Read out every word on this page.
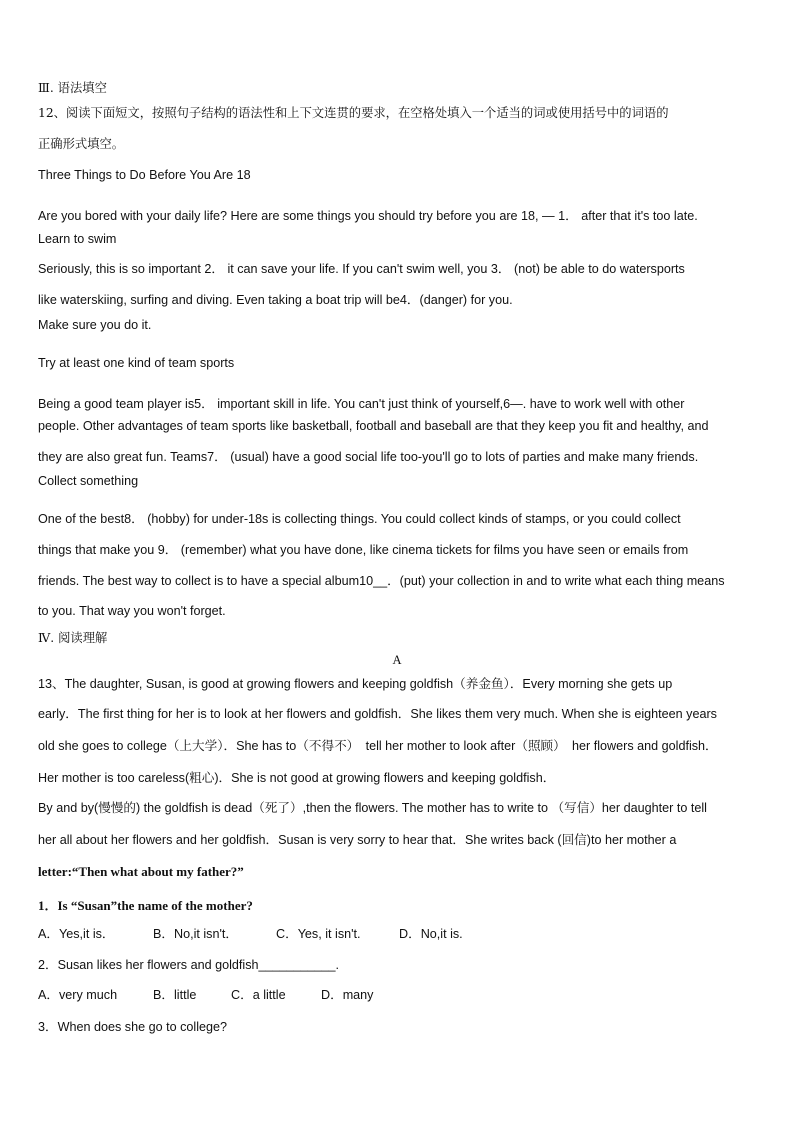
Ⅲ. 语法填空
12、阅读下面短文，按照句子结构的语法性和上下文连贯的要求，在空格处填入一个适当的词或使用括号中的词语的
正确形式填空。
Three Things to Do Before You Are 18
Are you bored with your daily life? Here are some things you should try before you are 18, — 1． after that it's too late.
Learn to swim
Seriously, this is so important 2． it can save your life. If you can't swim well, you 3． (not) be able to do watersports
like waterskiing, surfing and diving. Even taking a boat trip will be4．(danger) for you.
Make sure you do it.
Try at least one kind of team sports
Being a good team player is5． important skill in life. You can't just think of yourself,6—. have to work well with other
people. Other advantages of team sports like basketball, football and baseball are that they keep you fit and healthy, and
they are also great fun. Teams7． (usual) have a good social life too-you'll go to lots of parties and make many friends.
Collect something
One of the best8． (hobby) for under-18s is collecting things. You could collect kinds of stamps, or you could collect
things that make you 9． (remember) what you have done, like cinema tickets for films you have seen or emails from
friends. The best way to collect is to have a special album10__．(put) your collection in and to write what each thing means
to you. That way you won't forget.
Ⅳ. 阅读理解
A
13、The daughter, Susan, is good at growing flowers and keeping goldfish（养金鱼）．Every morning she gets up
early．The first thing for her is to look at her flowers and goldfish．She likes them very much. When she is eighteen years
old she goes to college（上大学）．She has to（不得不）　tell her mother to look after（照顾）　her flowers and goldfish．
Her mother is too careless(粗心)．She is not good at growing flowers and keeping goldfish．
By and by(慢慢的) the goldfish is dead（死了）,then the flowers. The mother has to write to （写信）her daughter to tell
her all about her flowers and her goldfish．Susan is very sorry to hear that．She writes back (回信)to her mother a
letter:“Then what about my father?”
1．Is “Susan”the name of the mother?
A．Yes,it is．	B．No,it isn't．	C．Yes, it isn't.	D．No,it is.
2．Susan likes her flowers and goldfish___________.
A．very much	B．little	C．a little	D．many
3．When does she go to college?
